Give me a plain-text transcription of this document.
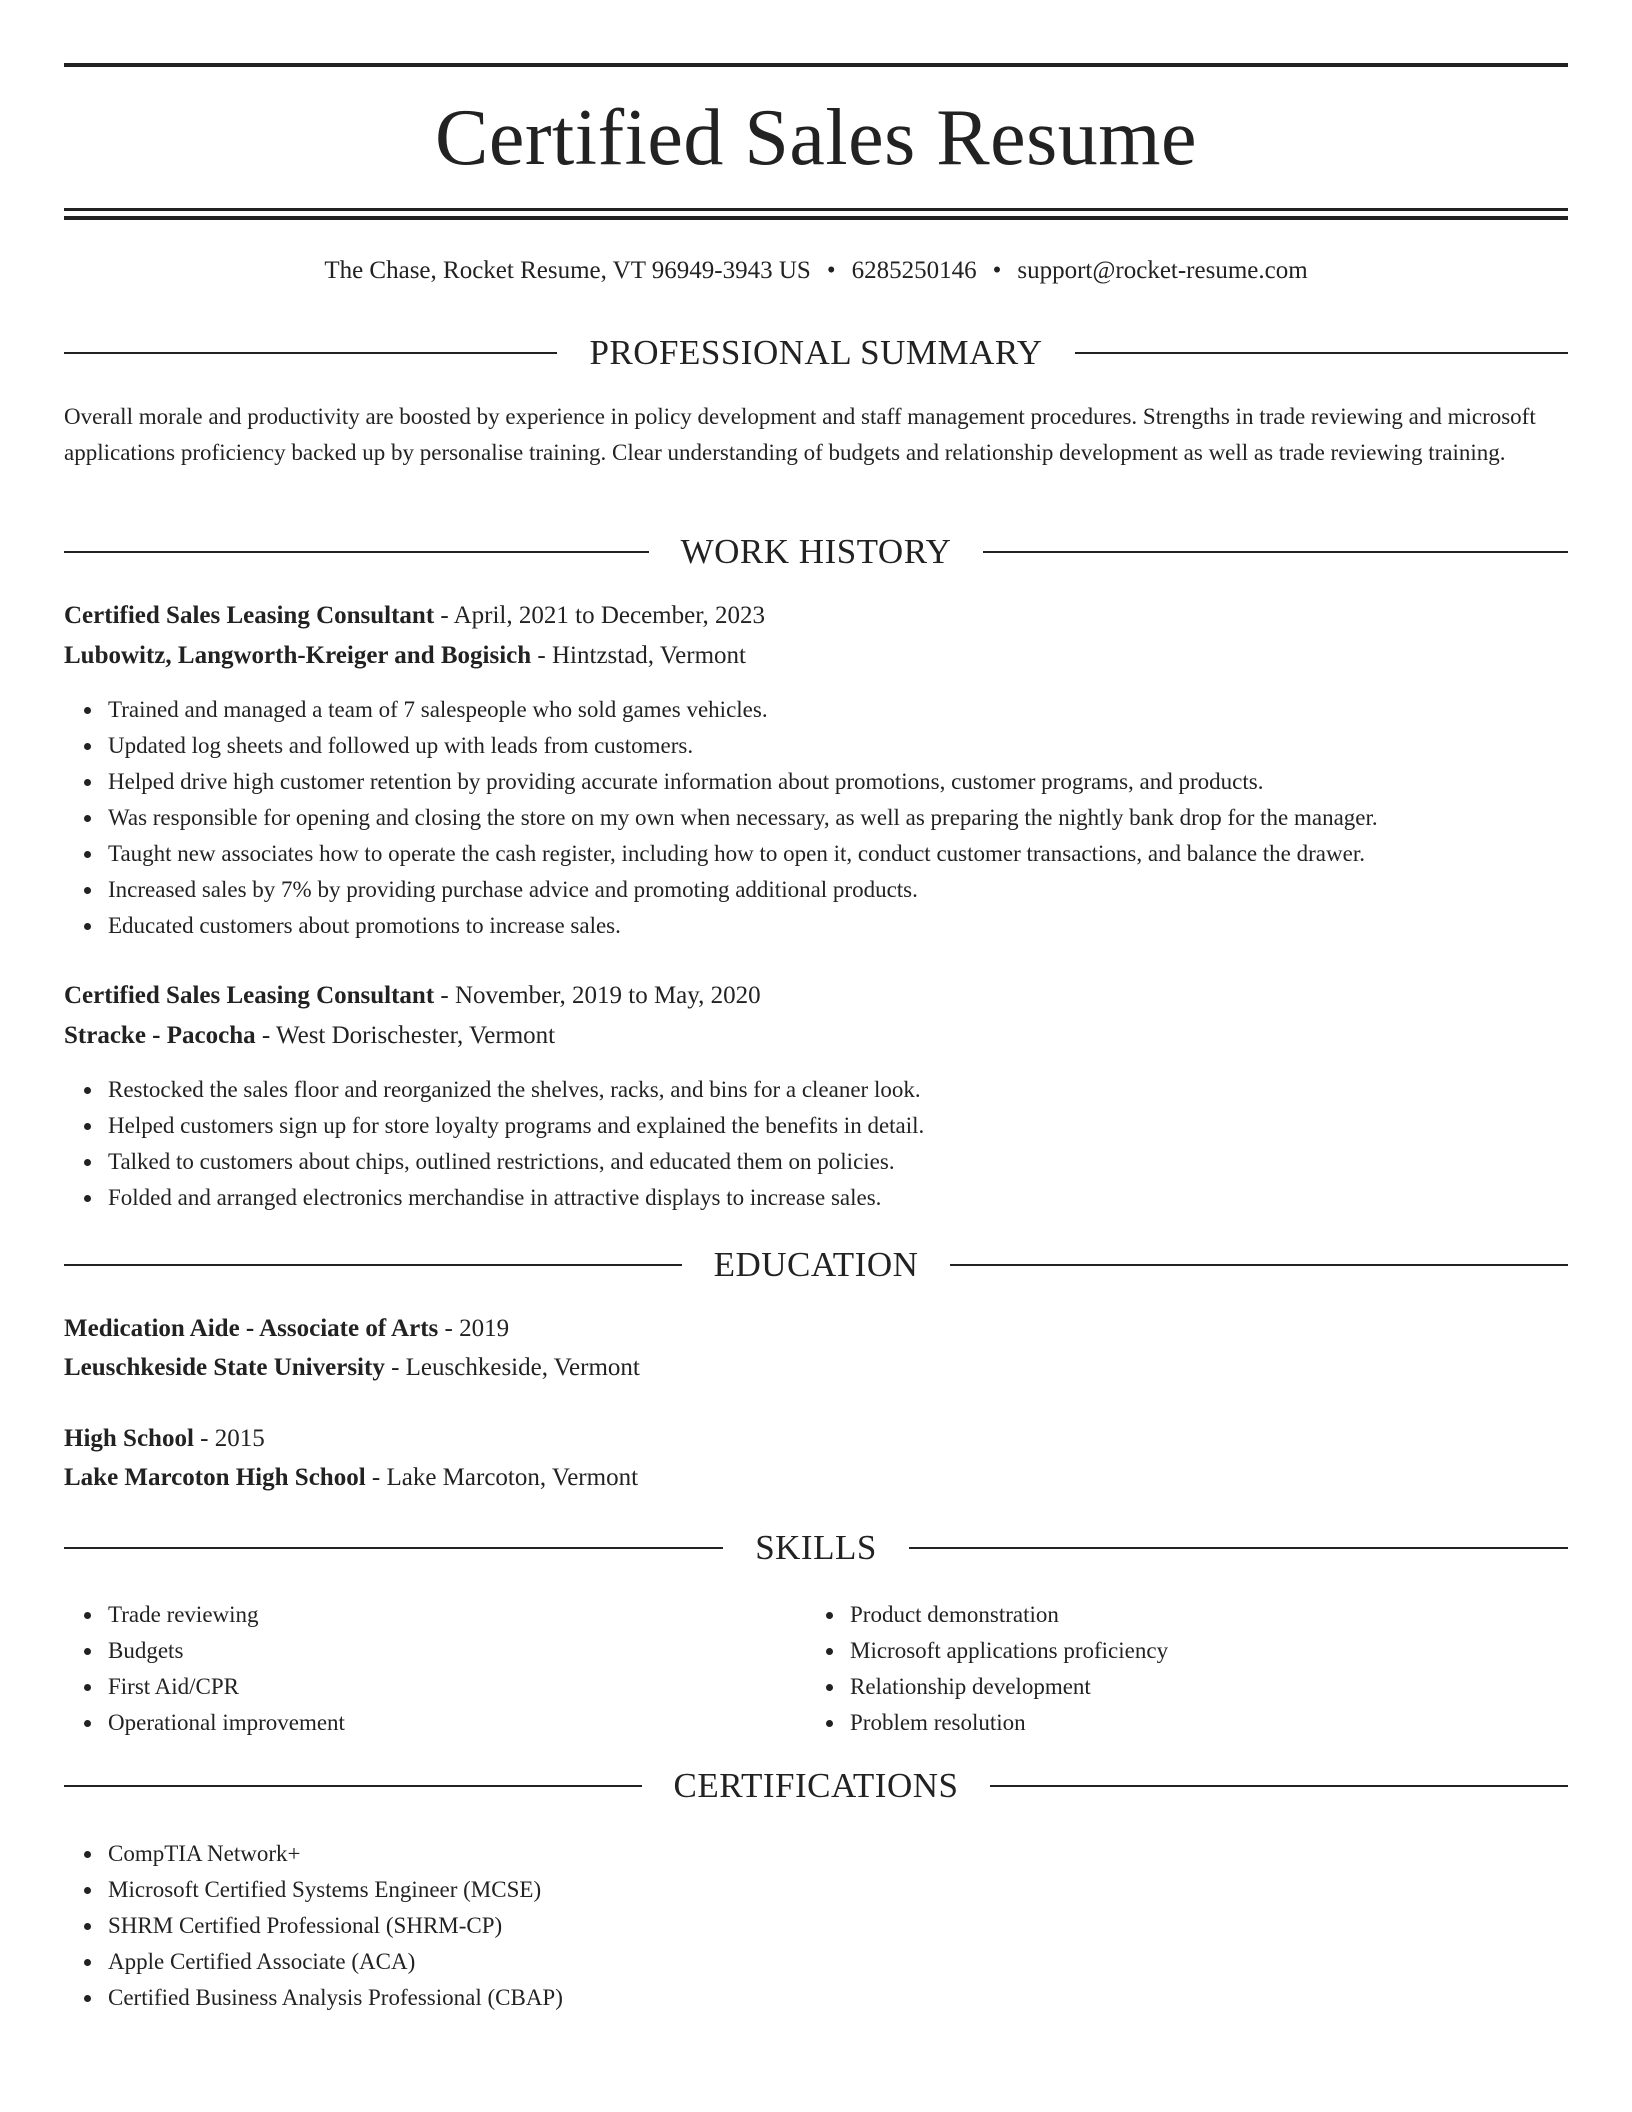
Certified Sales Resume
The Chase, Rocket Resume, VT 96949-3943 US • 6285250146 • support@rocket-resume.com
PROFESSIONAL SUMMARY

Overall morale and productivity are boosted by experience in policy development and staff management procedures. Strengths in trade reviewing and microsoft applications proficiency backed up by personalise training. Clear understanding of budgets and relationship development as well as trade reviewing training.

WORK HISTORY
Certified Sales Leasing Consultant - April, 2021 to December, 2023
Lubowitz, Langworth-Kreiger and Bogisich - Hintzstad, Vermont
Trained and managed a team of 7 salespeople who sold games vehicles.
Updated log sheets and followed up with leads from customers.
Helped drive high customer retention by providing accurate information about promotions, customer programs, and products.
Was responsible for opening and closing the store on my own when necessary, as well as preparing the nightly bank drop for the manager.
Taught new associates how to operate the cash register, including how to open it, conduct customer transactions, and balance the drawer.
Increased sales by 7% by providing purchase advice and promoting additional products.
Educated customers about promotions to increase sales.
Certified Sales Leasing Consultant - November, 2019 to May, 2020
Stracke - Pacocha - West Dorischester, Vermont
Restocked the sales floor and reorganized the shelves, racks, and bins for a cleaner look.
Helped customers sign up for store loyalty programs and explained the benefits in detail.
Talked to customers about chips, outlined restrictions, and educated them on policies.
Folded and arranged electronics merchandise in attractive displays to increase sales.
EDUCATION
Medication Aide - Associate of Arts - 2019
Leuschkeside State University - Leuschkeside, Vermont
High School - 2015
Lake Marcoton High School - Lake Marcoton, Vermont
SKILLS
Trade reviewing
Budgets
First Aid/CPR
Operational improvement
Product demonstration
Microsoft applications proficiency
Relationship development
Problem resolution
CERTIFICATIONS
CompTIA Network+
Microsoft Certified Systems Engineer (MCSE)
SHRM Certified Professional (SHRM-CP)
Apple Certified Associate (ACA)
Certified Business Analysis Professional (CBAP)
